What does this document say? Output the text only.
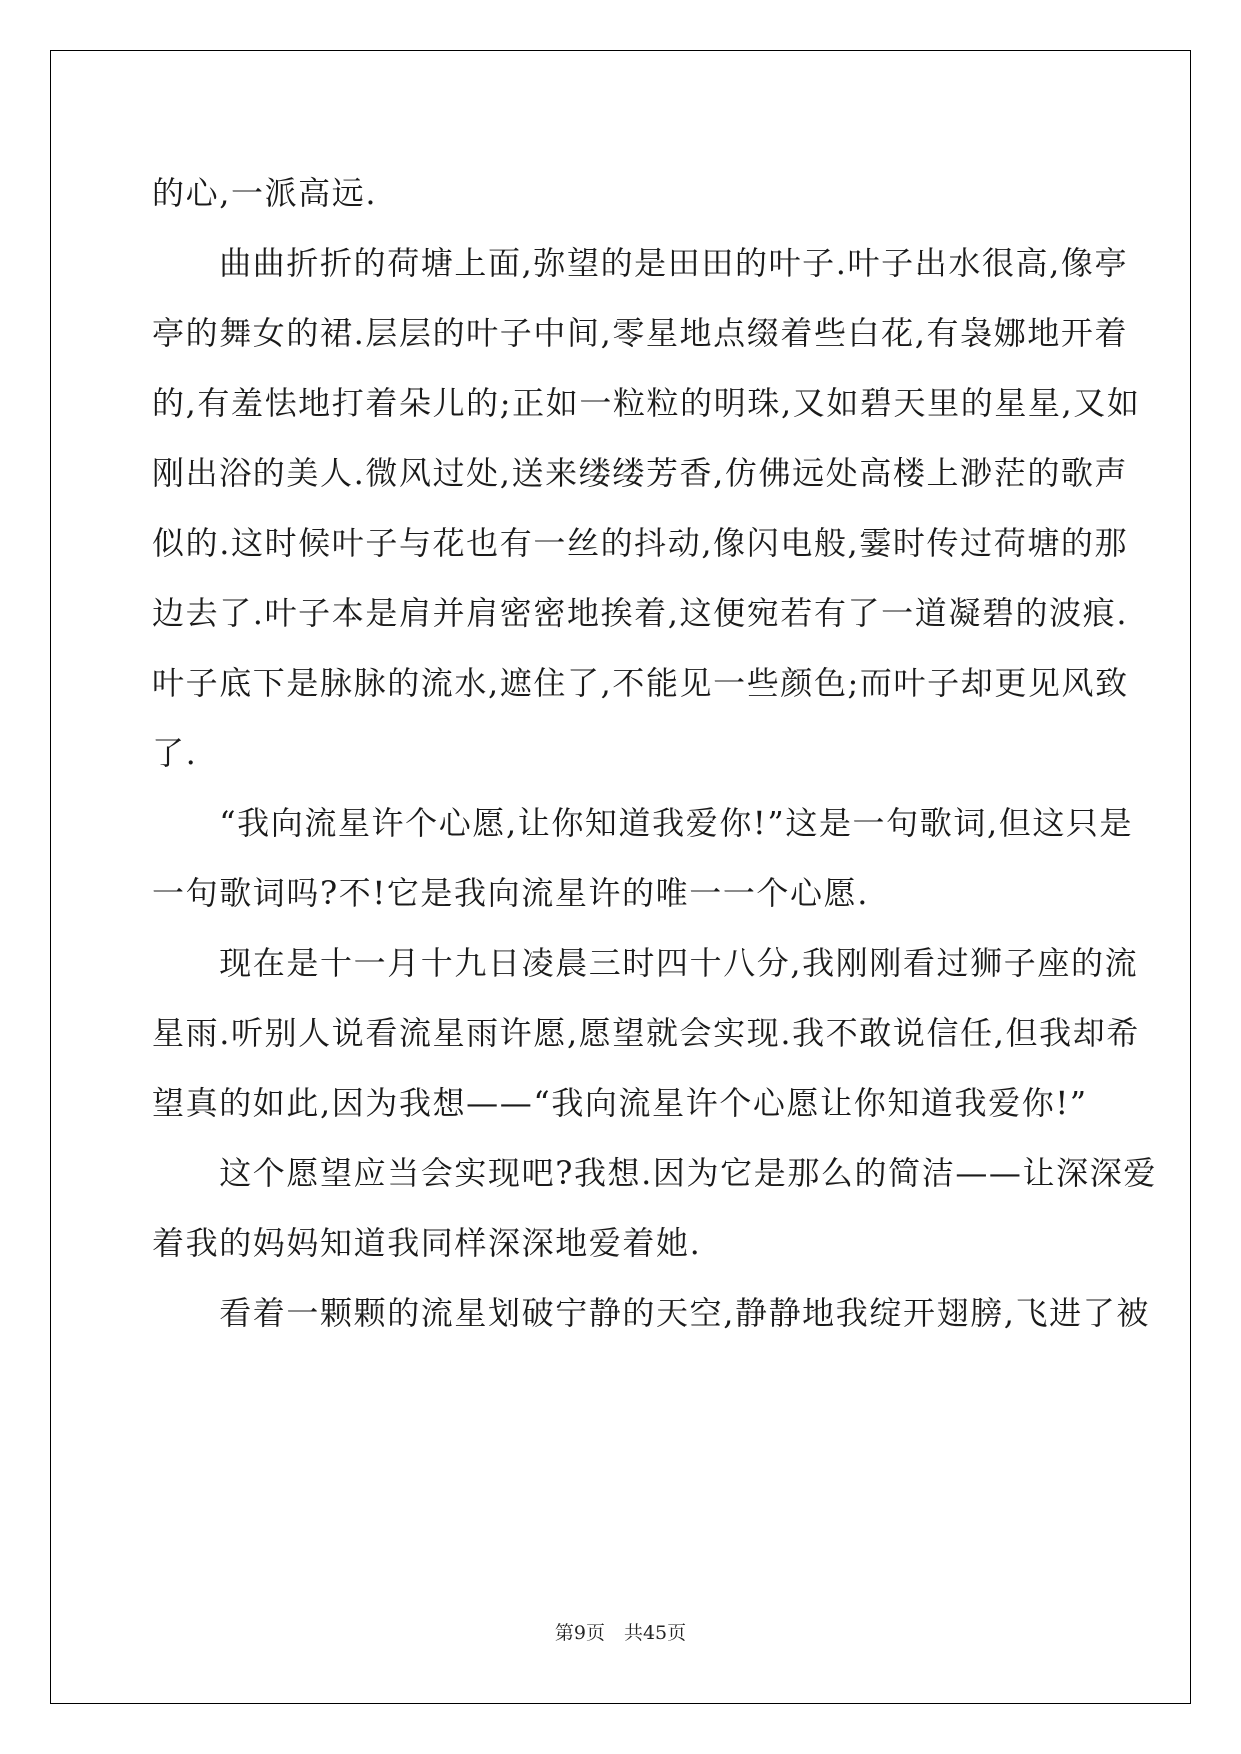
的心,一派高远.
　　曲曲折折的荷塘上面,弥望的是田田的叶子.叶子出水很高,像亭
亭的舞女的裙.层层的叶子中间,零星地点缀着些白花,有袅娜地开着
的,有羞怯地打着朵儿的;正如一粒粒的明珠,又如碧天里的星星,又如
刚出浴的美人.微风过处,送来缕缕芳香,仿佛远处高楼上渺茫的歌声
似的.这时候叶子与花也有一丝的抖动,像闪电般,霎时传过荷塘的那
边去了.叶子本是肩并肩密密地挨着,这便宛若有了一道凝碧的波痕.
叶子底下是脉脉的流水,遮住了,不能见一些颜色;而叶子却更见风致
了.
　　“我向流星许个心愿,让你知道我爱你!”这是一句歌词,但这只是
一句歌词吗?不!它是我向流星许的唯一一个心愿.
　　现在是十一月十九日凌晨三时四十八分,我刚刚看过狮子座的流
星雨.听别人说看流星雨许愿,愿望就会实现.我不敢说信任,但我却希
望真的如此,因为我想——“我向流星许个心愿让你知道我爱你!”
　　这个愿望应当会实现吧?我想.因为它是那么的简洁——让深深爱
着我的妈妈知道我同样深深地爱着她.
　　看着一颗颗的流星划破宁静的天空,静静地我绽开翅膀,飞进了被
第9页　共45页
